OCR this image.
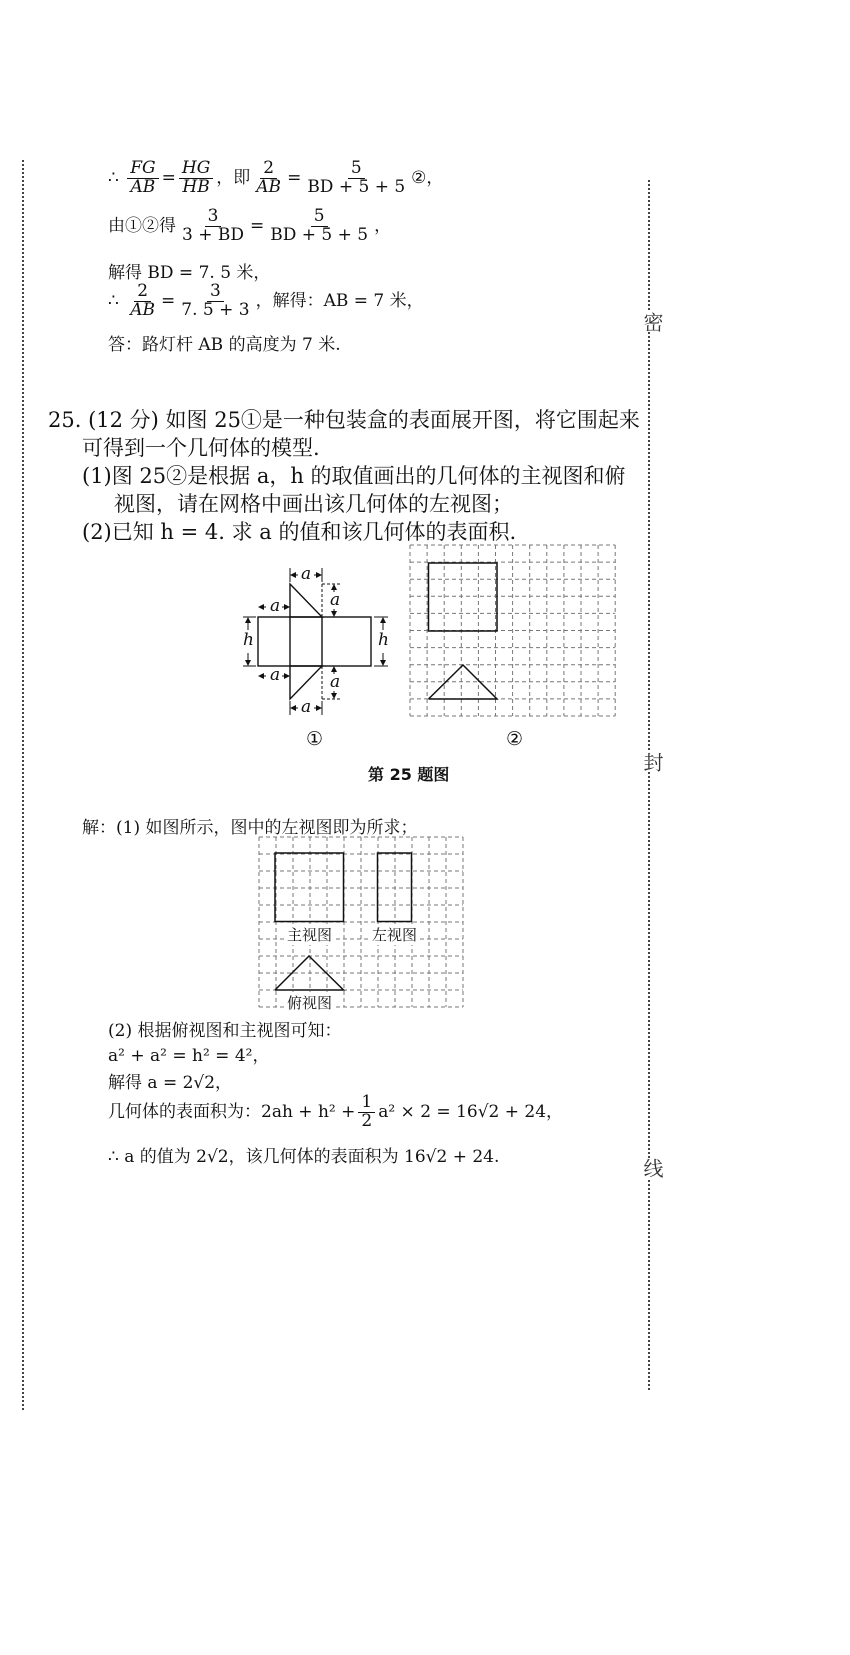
密
封
线
∴ $\frac{FG}{AB} = \frac{HG}{HB}$ ，即 $\frac{2}{AB} = \frac{5}{BD + 5 + 5}$ ②，
由①②得 $\frac{3}{3 + BD} = \frac{5}{BD + 5 + 5}$ ，
解得 BD = 7. 5 米，
∴ $\frac{2}{AB} = \frac{3}{7. 5 + 3}$ ，解得：AB = 7 米，
答：路灯杆 AB 的高度为 7 米.
25. (12 分) 如图 25①是一种包装盒的表面展开图，将它围起来
可得到一个几何体的模型.
(1)图 25②是根据 a，h 的取值画出的几何体的主视图和俯
视图，请在网格中画出该几何体的左视图；
(2)已知 h = 4. 求 a 的值和该几何体的表面积.
a
a
a
a
a
a
h	h
①	②
第 25 题图
解：(1) 如图所示，图中的左视图即为所求；
主视图	左视图
俯视图
(2) 根据俯视图和主视图可知：
a² + a² = h² = 4²，
解得 a = 2√2，
几何体的表面积为：$2ah + h^2 + \frac{1}{2} a^2 \times 2 = 16√2 + 24$，
∴ a 的值为 2√2，该几何体的表面积为 16√2 + 24.
